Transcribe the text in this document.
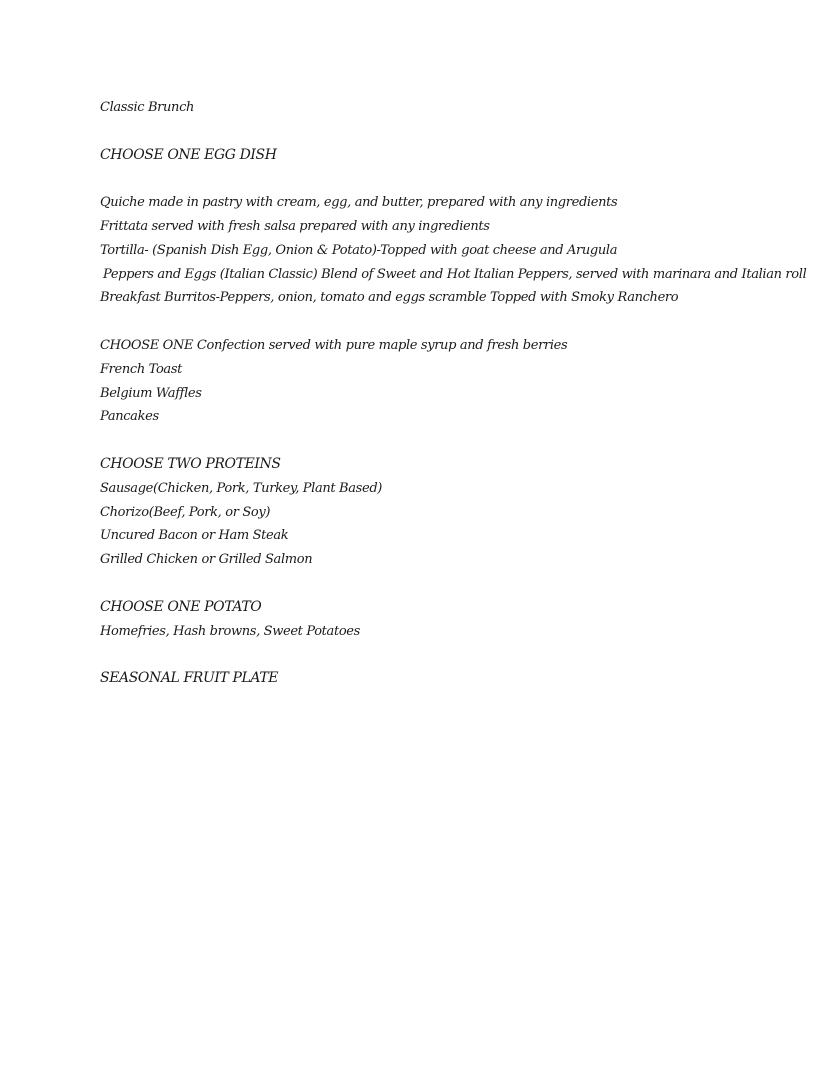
Classic Brunch
CHOOSE ONE EGG DISH
Quiche made in pastry with cream, egg, and butter, prepared with any ingredients
Frittata served with fresh salsa prepared with any ingredients
Tortilla- (Spanish Dish Egg, Onion & Potato)-Topped with goat cheese and Arugula
Peppers and Eggs (Italian Classic) Blend of Sweet and Hot Italian Peppers, served with marinara and Italian roll
Breakfast Burritos-Peppers, onion, tomato and eggs scramble Topped with Smoky Ranchero
CHOOSE ONE Confection served with pure maple syrup and fresh berries
French Toast
Belgium Waffles
Pancakes
CHOOSE TWO PROTEINS
Sausage(Chicken, Pork, Turkey, Plant Based)
Chorizo(Beef, Pork, or Soy)
Uncured Bacon or Ham Steak
Grilled Chicken or Grilled Salmon
CHOOSE ONE POTATO
Homefries, Hash browns, Sweet Potatoes
SEASONAL FRUIT PLATE
